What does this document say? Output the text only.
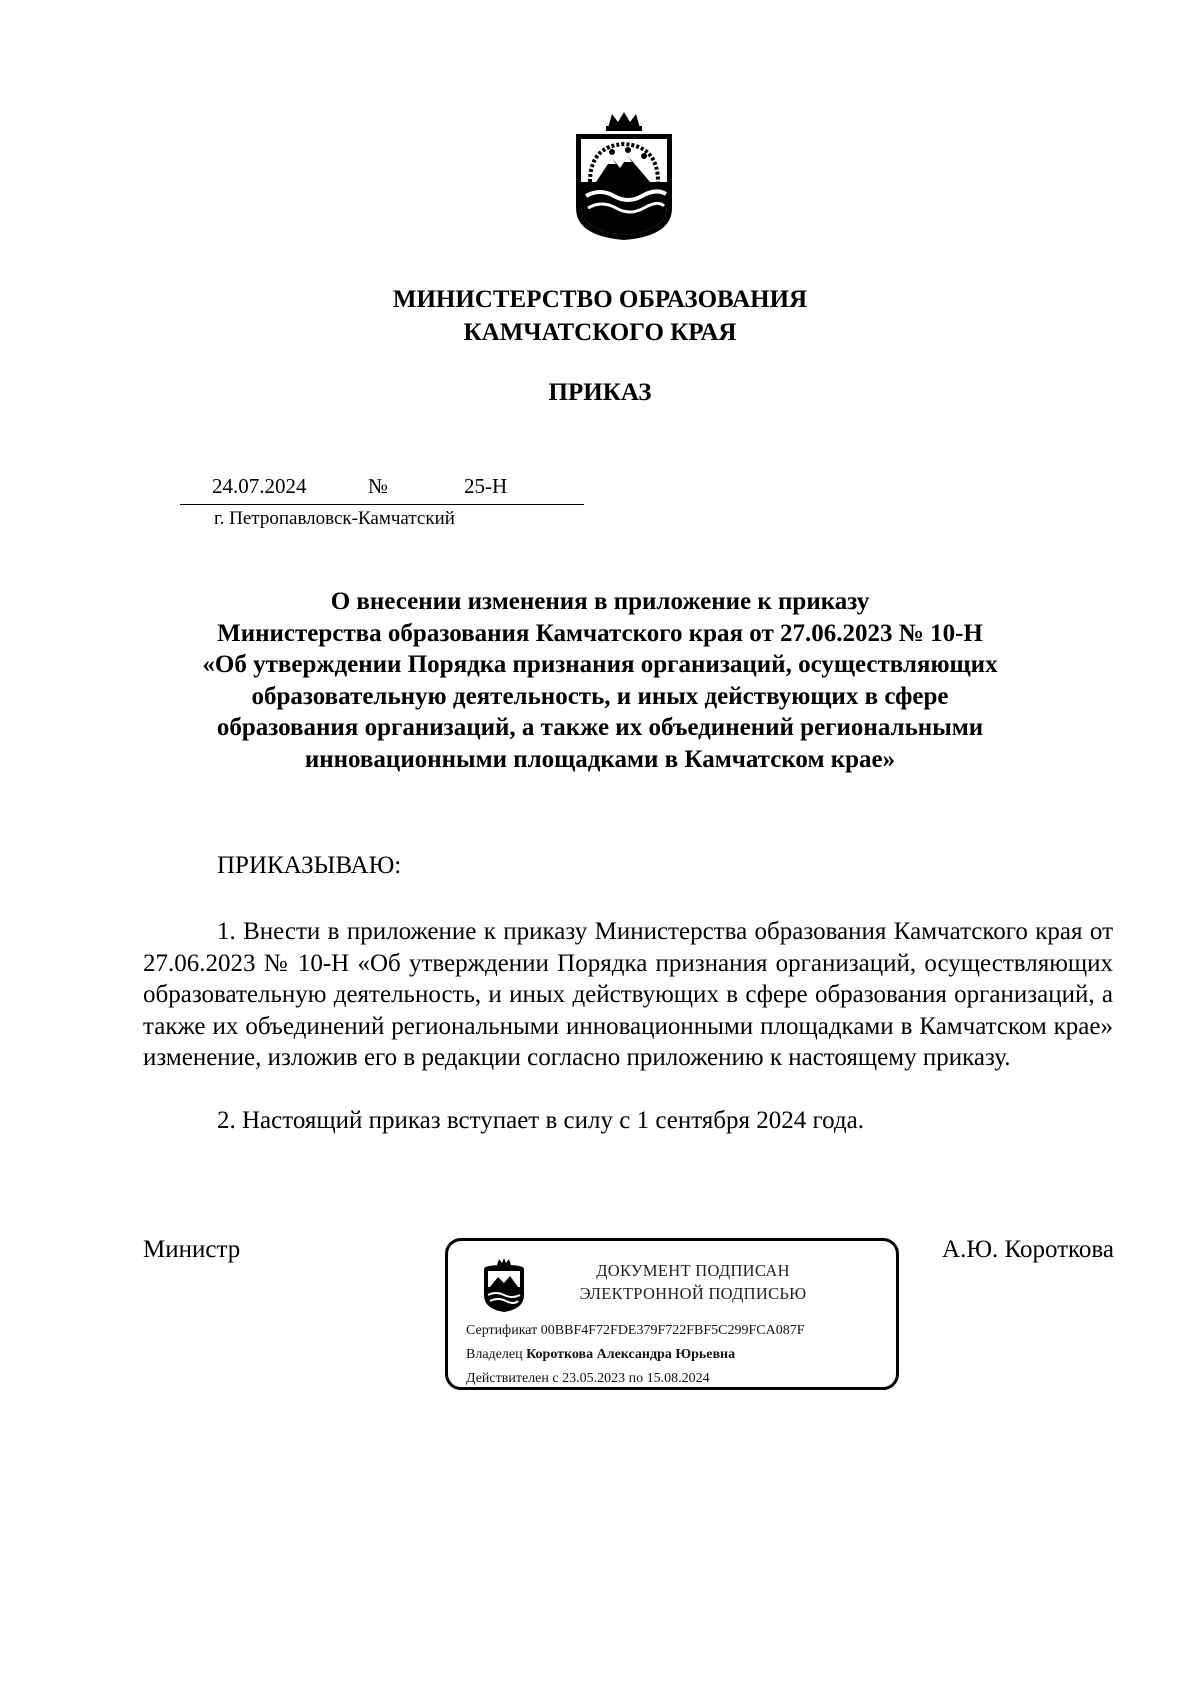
МИНИСТЕРСТВО ОБРАЗОВАНИЯ
КАМЧАТСКОГО КРАЯ
ПРИКАЗ
24.07.2024	№	25-Н
г. Петропавловск-Камчатский
О внесении изменения в приложение к приказу
Министерства образования Камчатского края от 27.06.2023 № 10-Н
«Об утверждении Порядка признания организаций, осуществляющих
образовательную деятельность, и иных действующих в сфере
образования организаций, а также их объединений региональными
инновационными площадками в Камчатском крае»
ПРИКАЗЫВАЮ:
1. Внести в приложение к приказу Министерства образования Камчатского края от 27.06.2023 № 10-Н «Об утверждении Порядка признания организаций, осуществляющих образовательную деятельность, и иных действующих в сфере образования организаций, а также их объединений региональными инновационными площадками в Камчатском крае» изменение, изложив его в редакции согласно приложению к настоящему приказу.
2. Настоящий приказ вступает в силу с 1 сентября 2024 года.
Министр	А.Ю. Короткова
ДОКУМЕНТ ПОДПИСАН
ЭЛЕКТРОННОЙ ПОДПИСЬЮ
Сертификат 00BBF4F72FDE379F722FBF5C299FCA087F
Владелец Короткова Александра Юрьевна
Действителен с 23.05.2023 по 15.08.2024
